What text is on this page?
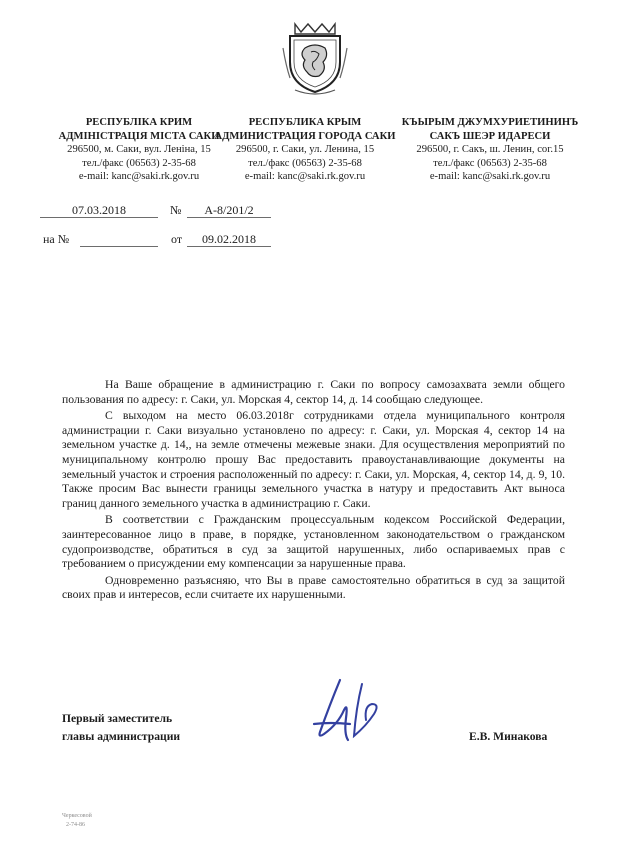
РЕСПУБЛІКА КРИМ
АДМІНІСТРАЦІЯ МІСТА САКИ
296500, м. Саки, вул. Леніна, 15
тел./факс (06563) 2-35-68
e-mail: kanc@saki.rk.gov.ru
РЕСПУБЛИКА КРЫМ
АДМИНИСТРАЦИЯ ГОРОДА САКИ
296500, г. Саки, ул. Ленина, 15
тел./факс (06563) 2-35-68
e-mail: kanc@saki.rk.gov.ru
КЪЫРЫМ ДЖУМХУРИЕТИНИНЪ
САКЪ ШЕЭР ИДАРЕСИ
296500, г. Сакъ, ш. Ленин, сог.15
тел./факс (06563) 2-35-68
e-mail: kanc@saki.rk.gov.ru
07.03.2018	№	А-8/201/2
на №	от	09.02.2018

На Ваше обращение в администрацию г. Саки по вопросу самозахвата земли общего пользования по адресу: г. Саки, ул. Морская 4, сектор 14, д. 14 сообщаю следующее.

С выходом на место 06.03.2018г сотрудниками отдела муниципального контроля администрации г. Саки визуально установлено по адресу: г. Саки, ул. Морская 4, сектор 14 на земельном участке д. 14,, на земле отмечены межевые знаки. Для осуществления мероприятий по муниципальному контролю прошу Вас предоставить правоустанавливающие документы на земельный участок и строения расположенный по адресу: г. Саки, ул. Морская, 4, сектор 14, д. 9, 10. Также просим Вас вынести границы земельного участка в натуру и предоставить Акт выноса границ данного земельного участка в администрацию г. Саки.

В соответствии с Гражданским процессуальным кодексом Российской Федерации, заинтересованное лицо в праве, в порядке, установленном законодательством о гражданском судопроизводстве, обратиться в суд за защитой нарушенных, либо оспариваемых прав с требованием о присуждении ему компенсации за нарушенные права.

Одновременно разъясняю, что Вы в праве самостоятельно обратиться в суд за защитой своих прав и интересов, если считаете их нарушенными.

Первый заместитель
главы администрации	Е.В. Минакова
Черкесовой
2-74-86
